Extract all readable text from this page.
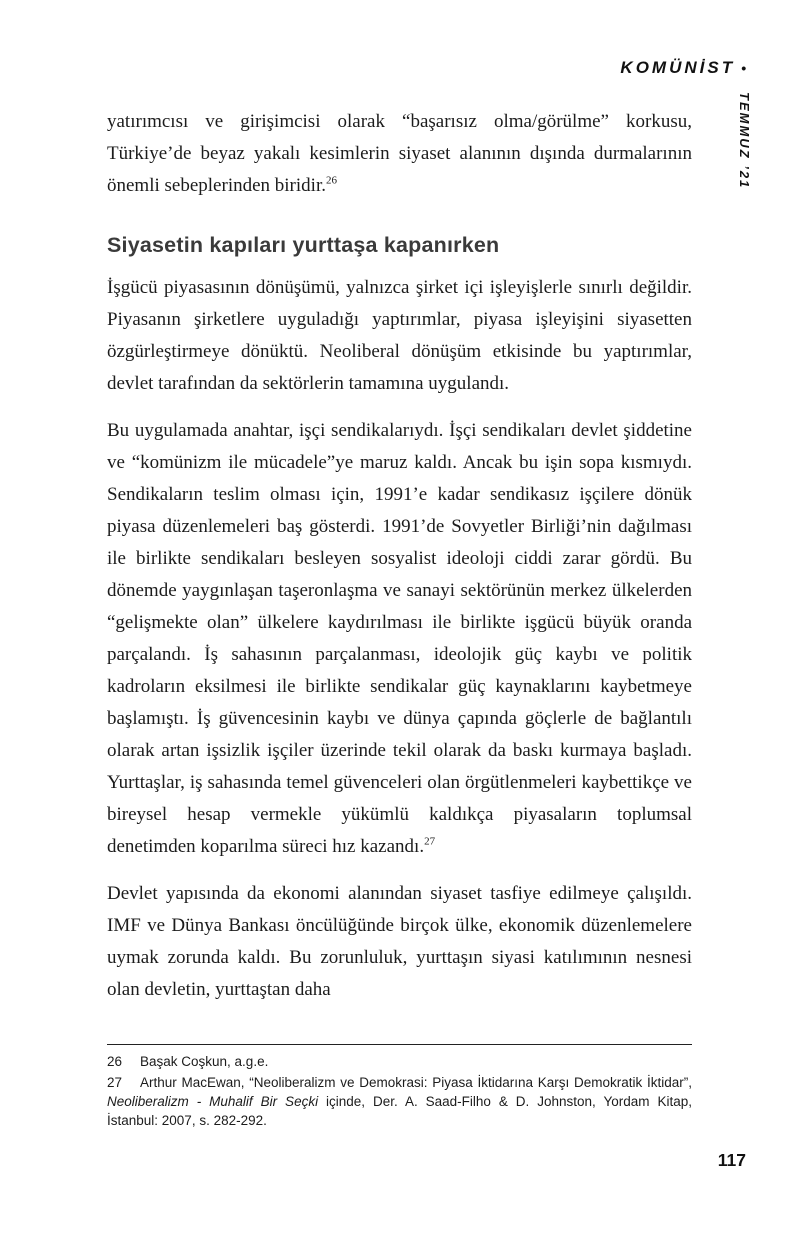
KOMÜNİST •
TEMMUZ ’21

yatırımcısı ve girişimcisi olarak “başarısız olma/görülme” korkusu, Türkiye’de beyaz yakalı kesimlerin siyaset alanının dışında durmalarının önemli sebeplerinden biridir.$^{26}$

Siyasetin kapıları yurttaşa kapanırken

İşgücü piyasasının dönüşümü, yalnızca şirket içi işleyişlerle sınırlı değildir. Piyasanın şirketlere uyguladığı yaptırımlar, piyasa işleyişini siyasetten özgürleştirmeye dönüktü. Neoliberal dönüşüm etkisinde bu yaptırımlar, devlet tarafından da sektörlerin tamamına uygulandı.

Bu uygulamada anahtar, işçi sendikalarıydı. İşçi sendikaları devlet şiddetine ve “komünizm ile mücadele”ye maruz kaldı. Ancak bu işin sopa kısmıydı. Sendikaların teslim olması için, 1991’e kadar sendikasız işçilere dönük piyasa düzenlemeleri baş gösterdi. 1991’de Sovyetler Birliği’nin dağılması ile birlikte sendikaları besleyen sosyalist ideoloji ciddi zarar gördü. Bu dönemde yaygınlaşan taşeronlaşma ve sanayi sektörünün merkez ülkelerden “gelişmekte olan” ülkelere kaydırılması ile birlikte işgücü büyük oranda parçalandı. İş sahasının parçalanması, ideolojik güç kaybı ve politik kadroların eksilmesi ile birlikte sendikalar güç kaynaklarını kaybetmeye başlamıştı. İş güvencesinin kaybı ve dünya çapında göçlerle de bağlantılı olarak artan işsizlik işçiler üzerinde tekil olarak da baskı kurmaya başladı. Yurttaşlar, iş sahasında temel güvenceleri olan örgütlenmeleri kaybettikçe ve bireysel hesap vermekle yükümlü kaldıkça piyasaların toplumsal denetimden koparılma süreci hız kazandı.$^{27}$

Devlet yapısında da ekonomi alanından siyaset tasfiye edilmeye çalışıldı. IMF ve Dünya Bankası öncülüğünde birçok ülke, ekonomik düzenlemelere uymak zorunda kaldı. Bu zorunluluk, yurttaşın siyasi katılımının nesnesi olan devletin, yurttaştan daha

26 Başak Coşkun, a.g.e.

27 Arthur MacEwan, “Neoliberalizm ve Demokrasi: Piyasa İktidarına Karşı Demokratik İktidar”, Neoliberalizm - Muhalif Bir Seçki içinde, Der. A. Saad-Filho & D. Johnston, Yordam Kitap, İstanbul: 2007, s. 282-292.

117
